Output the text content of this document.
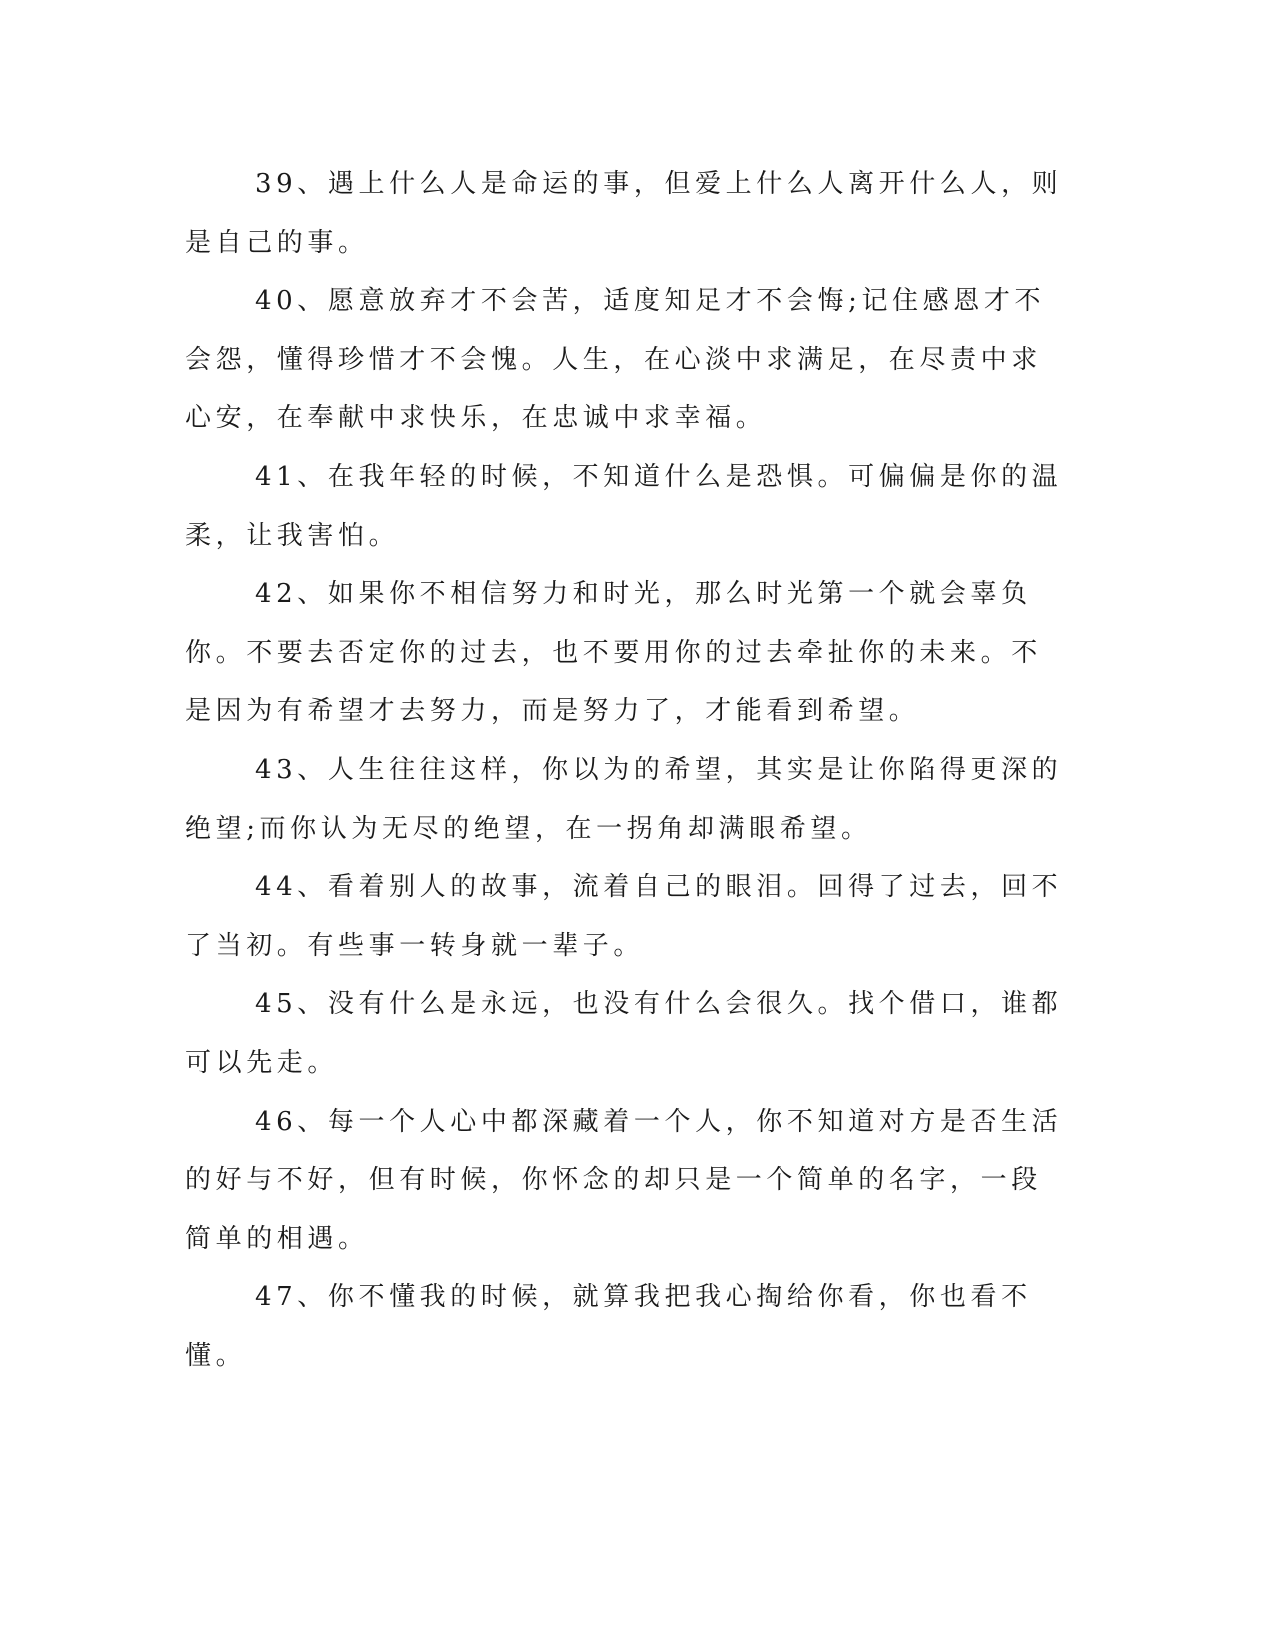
39、遇上什么人是命运的事，但爱上什么人离开什么人，则是自己的事。

40、愿意放弃才不会苦，适度知足才不会悔;记住感恩才不会怨，懂得珍惜才不会愧。人生，在心淡中求满足，在尽责中求心安，在奉献中求快乐，在忠诚中求幸福。

41、在我年轻的时候，不知道什么是恐惧。可偏偏是你的温柔，让我害怕。

42、如果你不相信努力和时光，那么时光第一个就会辜负你。不要去否定你的过去，也不要用你的过去牵扯你的未来。不是因为有希望才去努力，而是努力了，才能看到希望。

43、人生往往这样，你以为的希望，其实是让你陷得更深的绝望;而你认为无尽的绝望，在一拐角却满眼希望。

44、看着别人的故事，流着自己的眼泪。回得了过去，回不了当初。有些事一转身就一辈子。

45、没有什么是永远，也没有什么会很久。找个借口，谁都可以先走。

46、每一个人心中都深藏着一个人，你不知道对方是否生活的好与不好，但有时候，你怀念的却只是一个简单的名字，一段简单的相遇。

47、你不懂我的时候，就算我把我心掏给你看，你也看不懂。
